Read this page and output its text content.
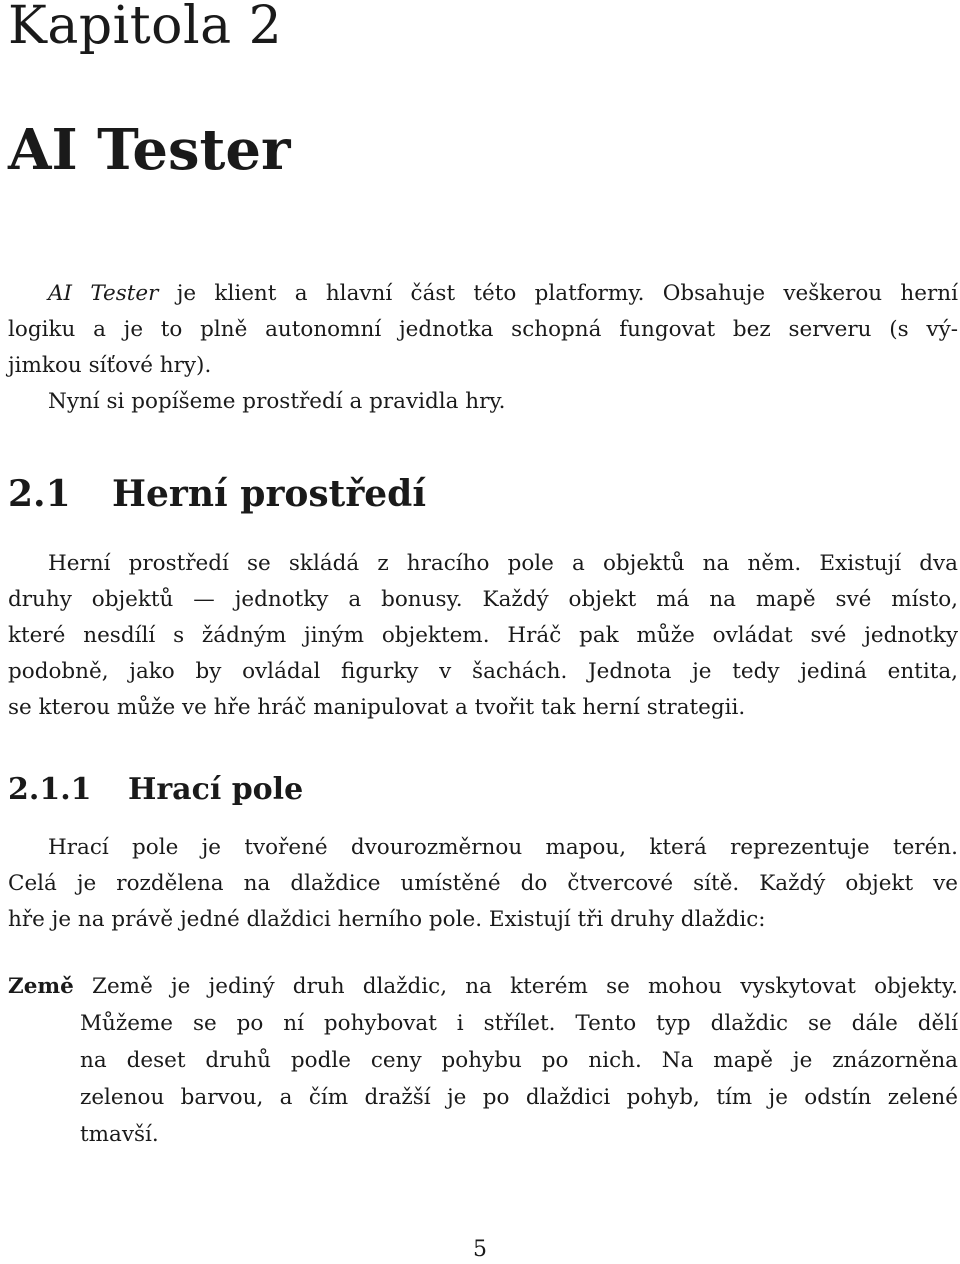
Kapitola 2
AI Tester
AI Tester je klient a hlavní část této platformy. Obsahuje veškerou herní
logiku a je to plně autonomní jednotka schopná fungovat bez serveru (s vý-
jimkou síťové hry).
Nyní si popíšeme prostředí a pravidla hry.
2.1 Herní prostředí
Herní prostředí se skládá z hracího pole a objektů na něm. Existují dva
druhy objektů — jednotky a bonusy. Každý objekt má na mapě své místo,
které nesdílí s žádným jiným objektem. Hráč pak může ovládat své jednotky
podobně, jako by ovládal figurky v šachách. Jednota je tedy jediná entita,
se kterou může ve hře hráč manipulovat a tvořit tak herní strategii.
2.1.1 Hrací pole
Hrací pole je tvořené dvourozměrnou mapou, která reprezentuje terén.
Celá je rozdělena na dlaždice umístěné do čtvercové sítě. Každý objekt ve
hře je na právě jedné dlaždici herního pole. Existují tři druhy dlaždic:
Země Země je jediný druh dlaždic, na kterém se mohou vyskytovat objekty.
Můžeme se po ní pohybovat i střílet. Tento typ dlaždic se dále dělí
na deset druhů podle ceny pohybu po nich. Na mapě je znázorněna
zelenou barvou, a čím dražší je po dlaždici pohyb, tím je odstín zelené
tmavší.
5
